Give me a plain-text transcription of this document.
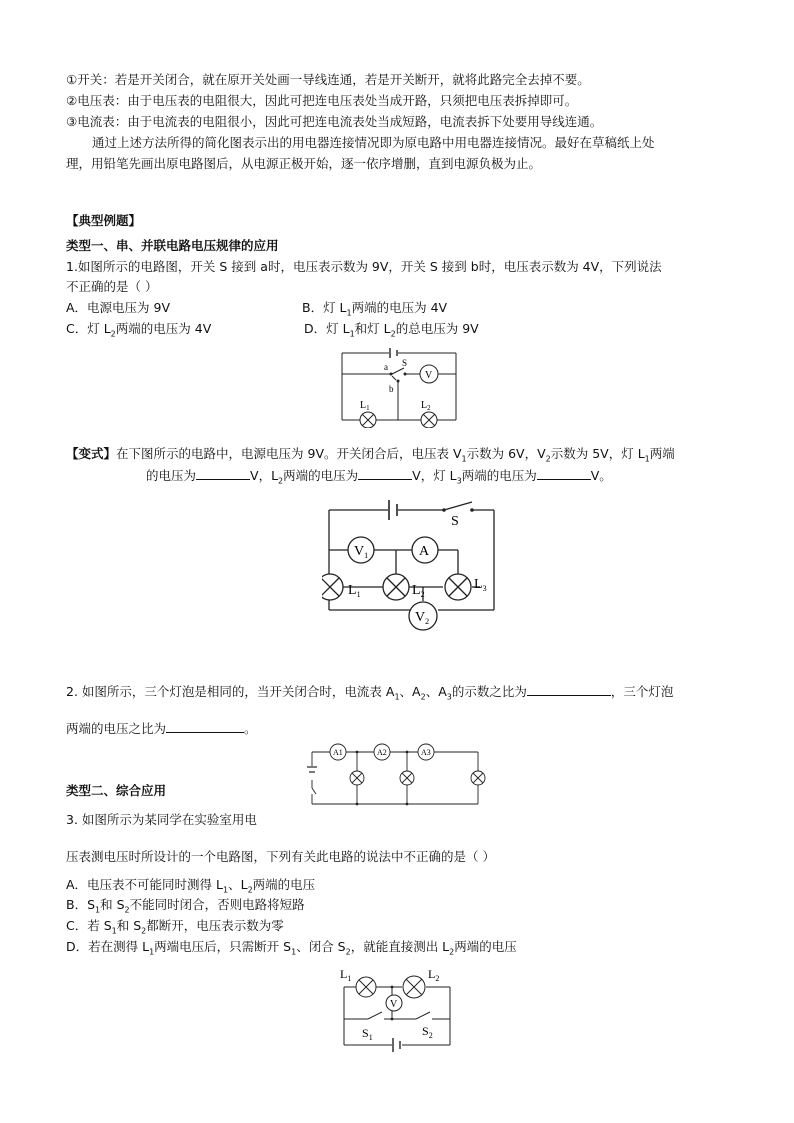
①开关：若是开关闭合，就在原开关处画一导线连通，若是开关断开，就将此路完全去掉不要。
②电压表：由于电压表的电阻很大，因此可把连电压表处当成开路，只须把电压表拆掉即可。
③电流表：由于电流表的电阻很小，因此可把连电流表处当成短路，电流表拆下处要用导线连通。
通过上述方法所得的简化图表示出的用电器连接情况即为原电路中用电器连接情况。最好在草稿纸上处
理，用铅笔先画出原电路图后，从电源正极开始，逐一依序增删，直到电源负极为止。
【典型例题】
类型一、串、并联电路电压规律的应用
1.如图所示的电路图，开关 S 接到 a时，电压表示数为 9V，开关 S 接到 b时，电压表示数为 4V，下列说法
不正确的是（ ）
A．电源电压为 9V	B．灯 $L_1$两端的电压为 4V
C．灯 $L_2$两端的电压为 4V	D．灯 $L_1$和灯 $L_2$的总电压为 9V
a S
b
V
$L_1$	$L_2$
【变式】在下图所示的电路中，电源电压为 9V。开关闭合后，电压表 $V_1$示数为 6V，$V_2$示数为 5V，灯 $L_1$两端
的电压为	V，$L_2$两端的电压为	V，灯 $L_3$两端的电压为	V。
S
$V_1$	A
$L_1$	$L_2$
$L_3$
$V_2$
2. 如图所示，三个灯泡是相同的，当开关闭合时，电流表 $A_1$、$A_2$、$A_3$的示数之比为	，三个灯泡
两端的电压之比为	。
A1	A2	A3
类型二、综合应用
3. 如图所示为某同学在实验室用电
压表测电压时所设计的一个电路图，下列有关此电路的说法中不正确的是（ ）
A．电压表不可能同时测得 $L_1$、$L_2$两端的电压
B．$S_1$和 $S_2$不能同时闭合，否则电路将短路
C．若 $S_1$和 $S_2$都断开，电压表示数为零
D．若在测得 $L_1$两端电压后，只需断开 $S_1$、闭合 $S_2$，就能直接测出 $L_2$两端的电压
$L_1$	$L_2$
V
$S_1$	$S_2$
